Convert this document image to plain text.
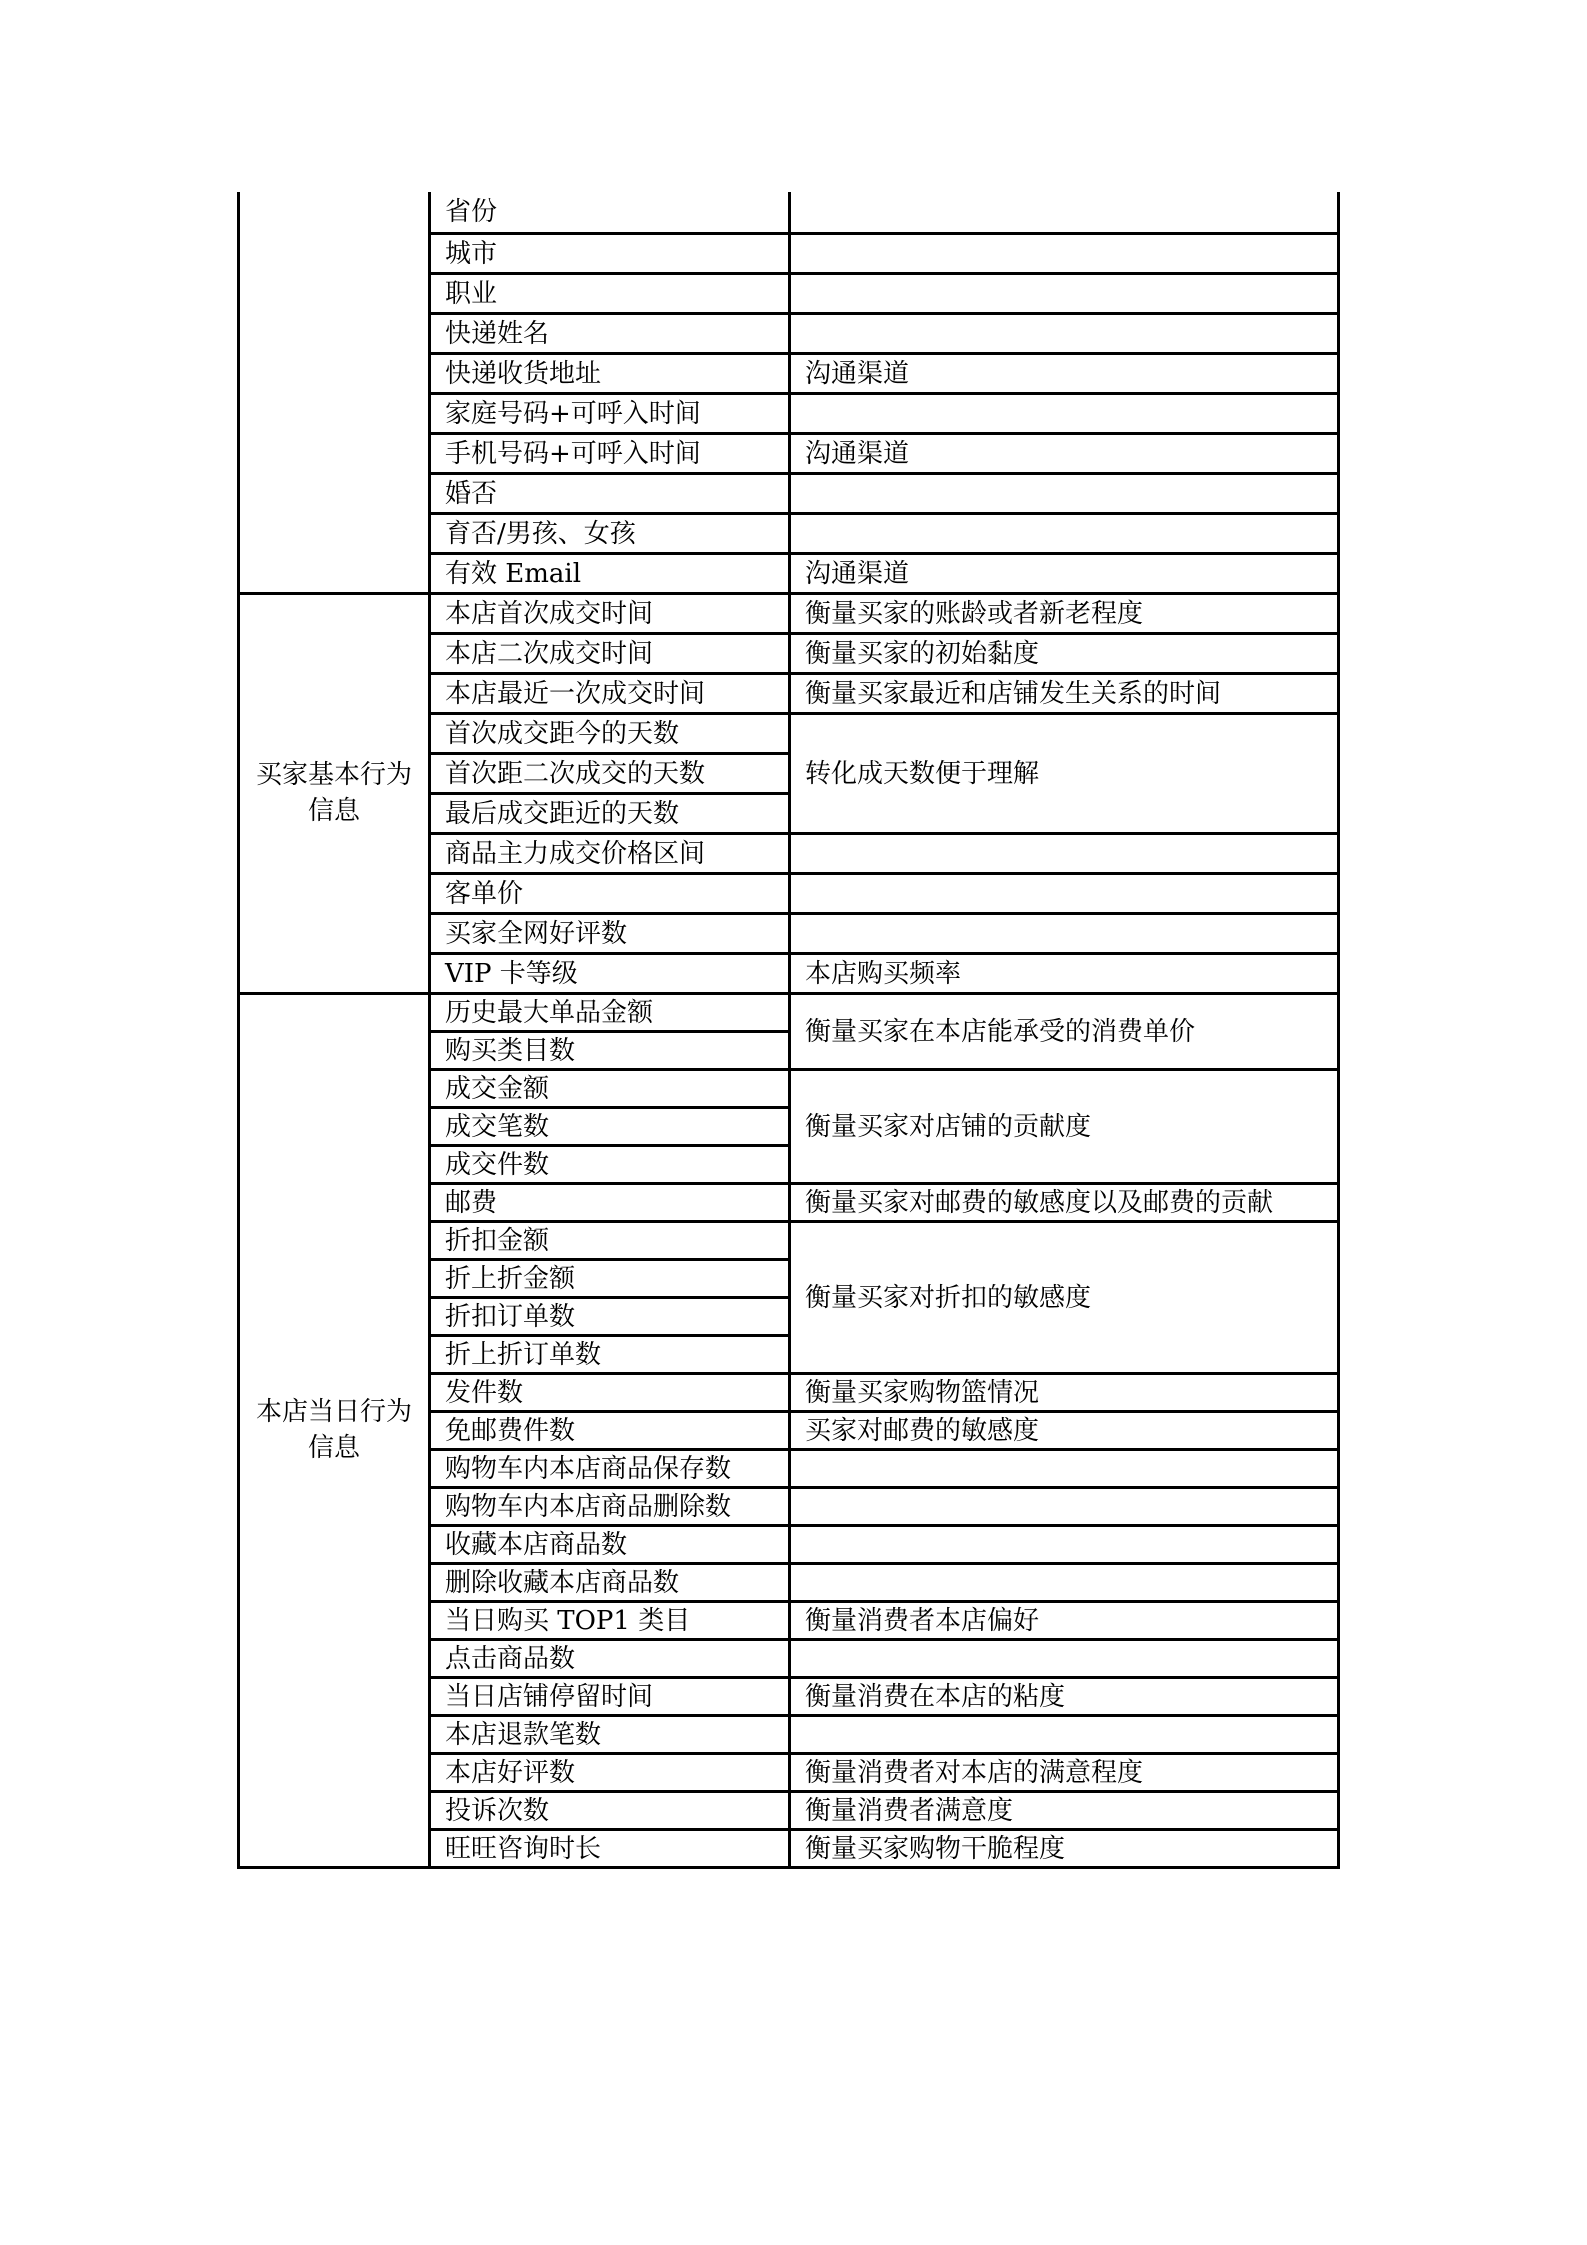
	省份	
	城市	
	职业	
	快递姓名	
	快递收货地址	沟通渠道
	家庭号码+可呼入时间	
	手机号码+可呼入时间	沟通渠道
	婚否	
	育否/男孩、女孩	
	有效 Email	沟通渠道
买家基本行为信息	本店首次成交时间	衡量买家的账龄或者新老程度
	本店二次成交时间	衡量买家的初始黏度
	本店最近一次成交时间	衡量买家最近和店铺发生关系的时间
	首次成交距今的天数	转化成天数便于理解
	首次距二次成交的天数	
	最后成交距近的天数	
	商品主力成交价格区间	
	客单价	
	买家全网好评数	
	VIP 卡等级	本店购买频率
本店当日行为信息	历史最大单品金额	衡量买家在本店能承受的消费单价
	购买类目数	
	成交金额	衡量买家对店铺的贡献度
	成交笔数	
	成交件数	
	邮费	衡量买家对邮费的敏感度以及邮费的贡献
	折扣金额	衡量买家对折扣的敏感度
	折上折金额	
	折扣订单数	
	折上折订单数	
	发件数	衡量买家购物篮情况
	免邮费件数	买家对邮费的敏感度
	购物车内本店商品保存数	
	购物车内本店商品删除数	
	收藏本店商品数	
	删除收藏本店商品数	
	当日购买 TOP1 类目	衡量消费者本店偏好
	点击商品数	
	当日店铺停留时间	衡量消费在本店的粘度
	本店退款笔数	
	本店好评数	衡量消费者对本店的满意程度
	投诉次数	衡量消费者满意度
	旺旺咨询时长	衡量买家购物干脆程度
